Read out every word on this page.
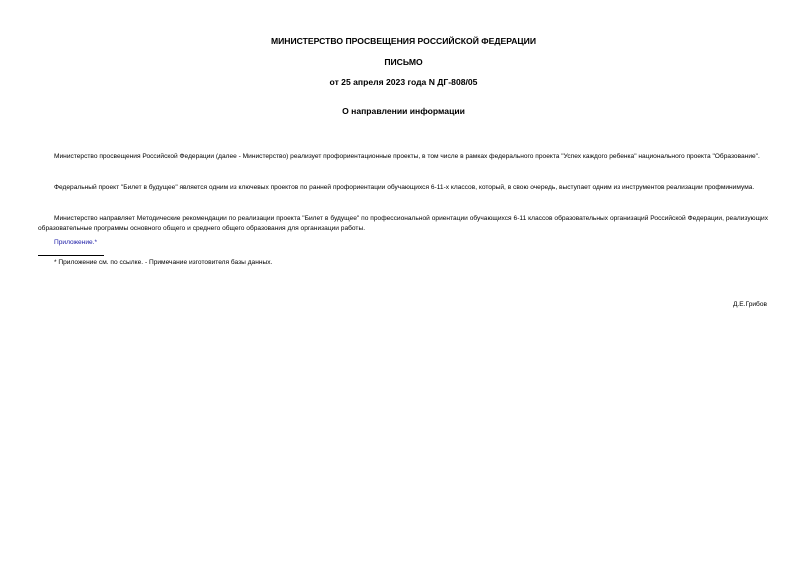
МИНИСТЕРСТВО ПРОСВЕЩЕНИЯ РОССИЙСКОЙ ФЕДЕРАЦИИ
ПИСЬМО
от 25 апреля 2023 года N ДГ-808/05
О направлении информации

Министерство просвещения Российской Федерации (далее - Министерство) реализует профориентационные проекты, в том числе в рамках федерального проекта "Успех каждого ребенка" национального проекта "Образование".

Федеральный проект "Билет в будущее" является одним из ключевых проектов по ранней профориентации обучающихся 6-11-х классов, который, в свою очередь, выступает одним из инструментов реализации профминимума.

Министерство направляет Методические рекомендации по реализации проекта "Билет в будущее" по профессиональной ориентации обучающихся 6-11 классов образовательных организаций Российской Федерации, реализующих образовательные программы основного общего и среднего общего образования для организации работы.

Приложение.*
* Приложение см. по ссылке. - Примечание изготовителя базы данных.
Д.Е.Грибов
